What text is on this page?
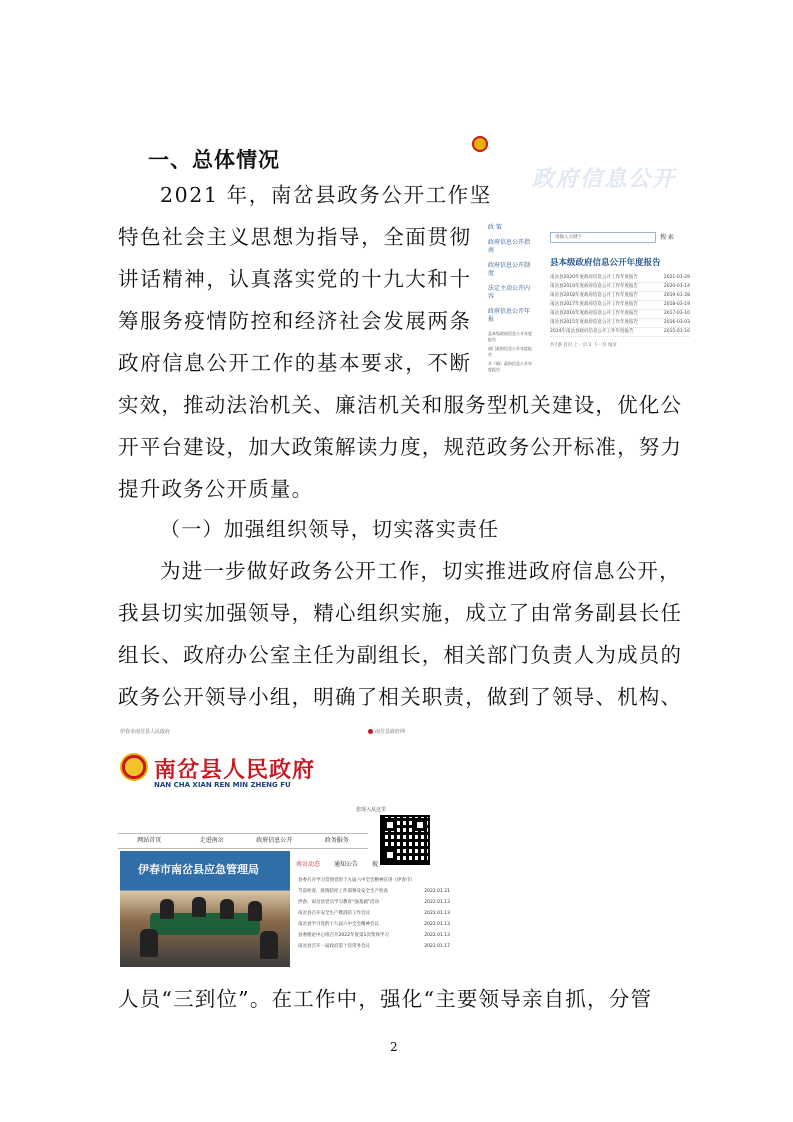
一、总体情况
2021 年，南岔县政务公开工作坚
特色社会主义思想为指导，全面贯彻
讲话精神，认真落实党的十九大和十
筹服务疫情防控和经济社会发展两条
政府信息公开工作的基本要求，不断
实效，推动法治机关、廉洁机关和服务型机关建设，优化公
开平台建设，加大政策解读力度，规范政务公开标准，努力
提升政务公开质量。
（一）加强组织领导，切实落实责任
为进一步做好政务公开工作，切实推进政府信息公开，
我县切实加强领导，精心组织实施，成立了由常务副县长任
组长、政府办公室主任为副组长，相关部门负责人为成员的
政务公开领导小组，明确了相关职责，做到了领导、机构、
人员“三到位”。在工作中，强化“主要领导亲自抓，分管
2
政府信息公开
政 策
政府信息公开指南
政府信息公开制度
法定主动公开内容
政府信息公开年报
县本级政府信息公开年度报告
部门政府信息公开年度报告
乡（镇）政府信息公开年度报告
请输入关键字	搜 索
县本级政府信息公开年度报告
南岔县2020年度政府信息公开工作年度报告	2021-01-29
南岔县2019年度政府信息公开工作年度报告	2020-01-14
南岔县2018年度政府信息公开工作年度报告	2019-01-28
南岔县2017年度政府信息公开工作年度报告	2018-03-19
南岔县2016年度政府信息公开工作年度报告	2017-03-10
南岔县2015年度政府信息公开工作年度报告	2016-03-03
2014年南岔县政府信息公开工作年度报告	2015-01-16
共7条 首页 上一页 1 下一页 尾页
伊春市南岔县人民政府	南岔县政府网
南岔县人民政府
NAN CHA XIAN REN MIN ZHENG FU
您现入从这里
网站首页	走进南岔	政府信息公开	政务服务
伊春市南岔县应急管理局	南岔动态 通知公告 视
县委召开学习贯彻党的十九届六中全会精神宣讲（伊春市）
节前检查、疫情防控工作部署及安全生产检查	2022.01.21
伊春、南岔县党员学习教育“强基础”活动	2022.01.13
南岔县召开安全生产暨消防工作会议	2022.01.13
南岔县学习党的十九届六中全会精神会议	2022.01.13
县委理论中心组召开2022年度第1次集体学习	2022.01.13
南岔县召开一届政府第十次常务会议	2022.01.17
